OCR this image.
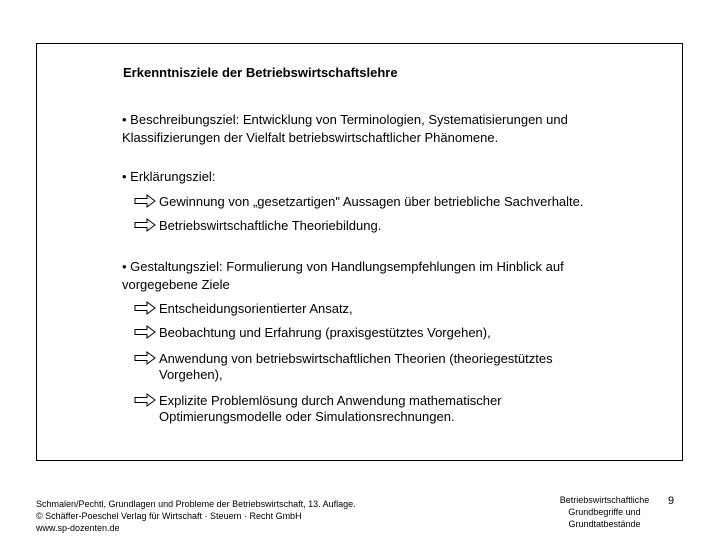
Erkenntnisziele der Betriebswirtschaftslehre
• Beschreibungsziel: Entwicklung von Terminologien, Systematisierungen und
Klassifizierungen der Vielfalt betriebswirtschaftlicher Phänomene.
• Erklärungsziel:
Gewinnung von „gesetzartigen" Aussagen über betriebliche Sachverhalte.
Betriebswirtschaftliche Theoriebildung.
• Gestaltungsziel: Formulierung von Handlungsempfehlungen im Hinblick auf
vorgegebene Ziele
Entscheidungsorientierter Ansatz,
Beobachtung und Erfahrung (praxisgestütztes Vorgehen),
Anwendung von betriebswirtschaftlichen Theorien (theoriegestütztes
Vorgehen),
Explizite Problemlösung durch Anwendung mathematischer
Optimierungsmodelle oder Simulationsrechnungen.
Schmalen/Pechtl, Grundlagen und Probleme der Betriebswirtschaft, 13. Auflage.
© Schäffer-Poeschel Verlag für Wirtschaft · Steuern · Recht GmbH
www.sp-dozenten.de
Betriebswirtschaftliche
Grundbegriffe und
Grundtatbestände
9
